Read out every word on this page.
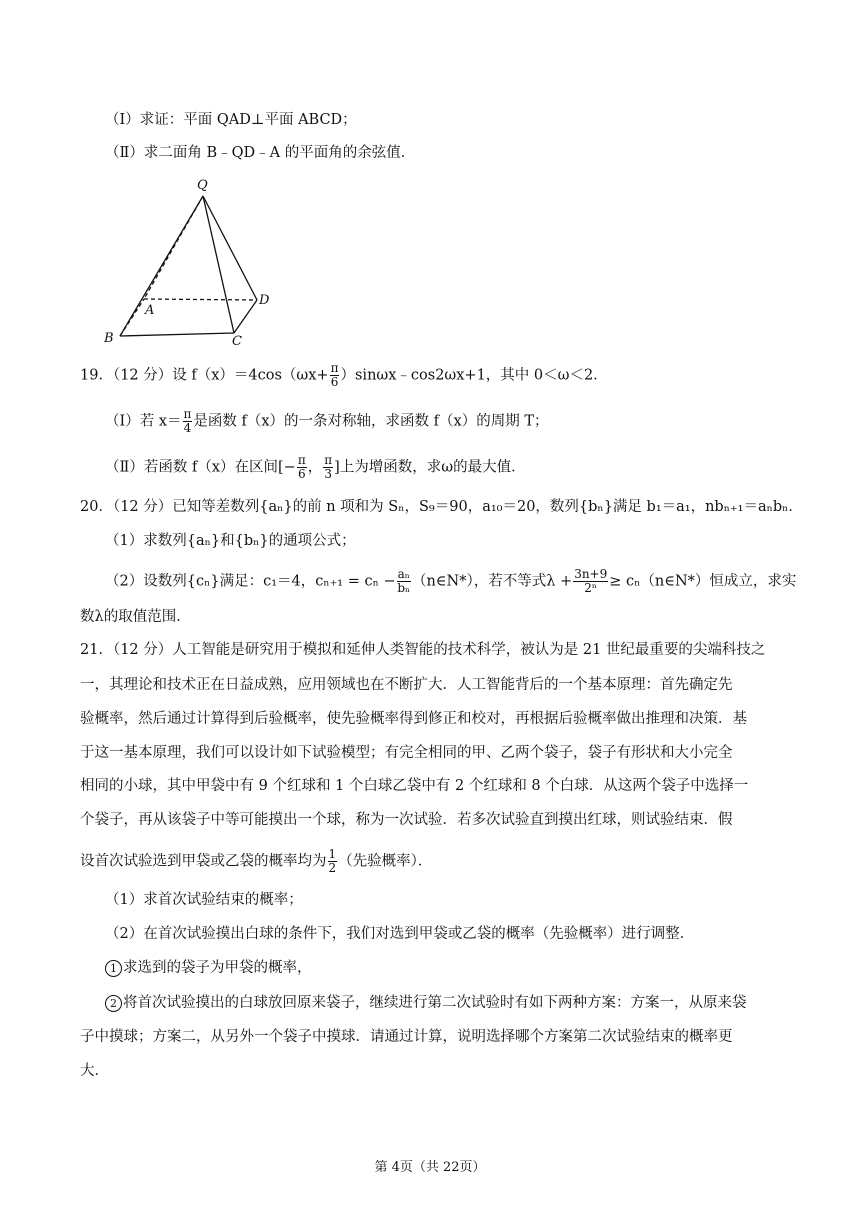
（Ⅰ）求证：平面 QAD⊥平面 ABCD；
（Ⅱ）求二面角 B﹣QD﹣A 的平面角的余弦值．
Q
A
B	C
D
19．（12 分）设 $f(x)=4\cos(\omega x+ \frac{\pi}{6}$ ）sinωx﹣cos2ωx+1，其中 0＜ω＜2．
（Ⅰ）若 $x= \frac{\pi}{4}$ 是函数 f（x）的一条对称轴，求函数 f（x）的周期 T；
（Ⅱ）若函数 f（x）在区间[− $\frac{\pi}{6}$ ， $\frac{\pi}{3}$ ]上为增函数，求ω的最大值．
20．（12 分）已知等差数列{aₙ}的前 n 项和为 Sₙ，S₉＝90，a₁₀＝20，数列{bₙ}满足 b₁＝a₁，nbₙ₊₁＝aₙbₙ．
（1）求数列{aₙ}和{bₙ}的通项公式；
（2）设数列{cₙ}满足：c₁＝4，$c_{n+1} = c_n - \frac{\text{aₙ}}{\text{bₙ}}$ （n∈N*），若不等式$\lambda + \frac{3n+9}{\text{2ⁿ}}$ ≥ cₙ（n∈N*）恒成立，求实
数λ的取值范围．
21．（12 分）人工智能是研究用于模拟和延伸人类智能的技术科学，被认为是 21 世纪最重要的尖端科技之
一，其理论和技术正在日益成熟，应用领域也在不断扩大．人工智能背后的一个基本原理：首先确定先
验概率，然后通过计算得到后验概率，使先验概率得到修正和校对，再根据后验概率做出推理和决策．基
于这一基本原理，我们可以设计如下试验模型；有完全相同的甲、乙两个袋子，袋子有形状和大小完全
相同的小球，其中甲袋中有 9 个红球和 1 个白球乙袋中有 2 个红球和 8 个白球．从这两个袋子中选择一
个袋子，再从该袋子中等可能摸出一个球，称为一次试验．若多次试验直到摸出红球，则试验结束．假
设首次试验选到甲袋或乙袋的概率均为 $\frac{1}{2}$ （先验概率）．
（1）求首次试验结束的概率；
（2）在首次试验摸出白球的条件下，我们对选到甲袋或乙袋的概率（先验概率）进行调整．
1 求选到的袋子为甲袋的概率，
2 将首次试验摸出的白球放回原来袋子，继续进行第二次试验时有如下两种方案：方案一，从原来袋
子中摸球；方案二，从另外一个袋子中摸球．请通过计算，说明选择哪个方案第二次试验结束的概率更
大．
第 4页（共 22页）
